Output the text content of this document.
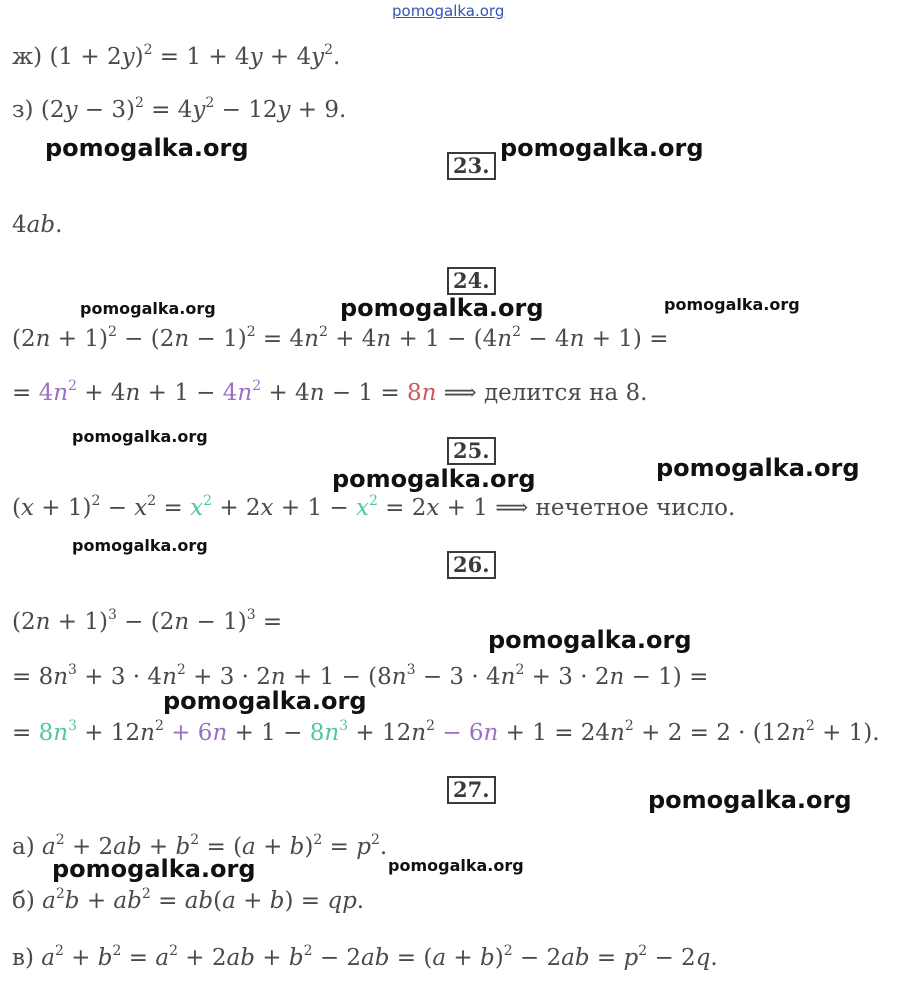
pomogalka.org
ж) $(1 + 2y)^2 = 1 + 4y + 4y^2$.
з) $(2y - 3)^2 = 4y^2 - 12y + 9$.
pomogalka.org
23.
pomogalka.org
4ab.
24.
pomogalka.org	pomogalka.org	pomogalka.org
$(2n + 1)^2 - (2n - 1)^2 = 4n^2 + 4n + 1 - (4n^2 - 4n + 1)$ =
= $4n^2 + 4n + 1 - 4n^2 + 4n - 1 = 8n$ ⟹ делится на 8.
pomogalka.org
25.
pomogalka.org
pomogalka.org
$(x + 1)^2 - x^2 = x^2 + 2x + 1 - x^2 = 2x + 1$ ⟹ нечетное число.
pomogalka.org
26.
$(2n + 1)^3 - (2n - 1)^3$ =
pomogalka.org
= $8n^3 + 3 \cdot 4n^2 + 3 \cdot 2n + 1 - (8n^3 - 3 \cdot 4n^2 + 3 \cdot 2n - 1)$ =
pomogalka.org
= $8n^3 + 12n^2 + 6n + 1 - 8n^3 + 12n^2 - 6n + 1 = 24n^2 + 2 = 2 \cdot (12n^2 + 1)$.
27.	pomogalka.org
а) $a^2 + 2ab + b^2 = (a + b)^2 = p^2$.
pomogalka.org	pomogalka.org
б) $a^2b + ab^2 = ab(a + b)$ = qp.
в) $a^2 + b^2 = a^2 + 2ab + b^2 - 2ab = (a + b)^2 - 2ab = p^2 - 2q$.
